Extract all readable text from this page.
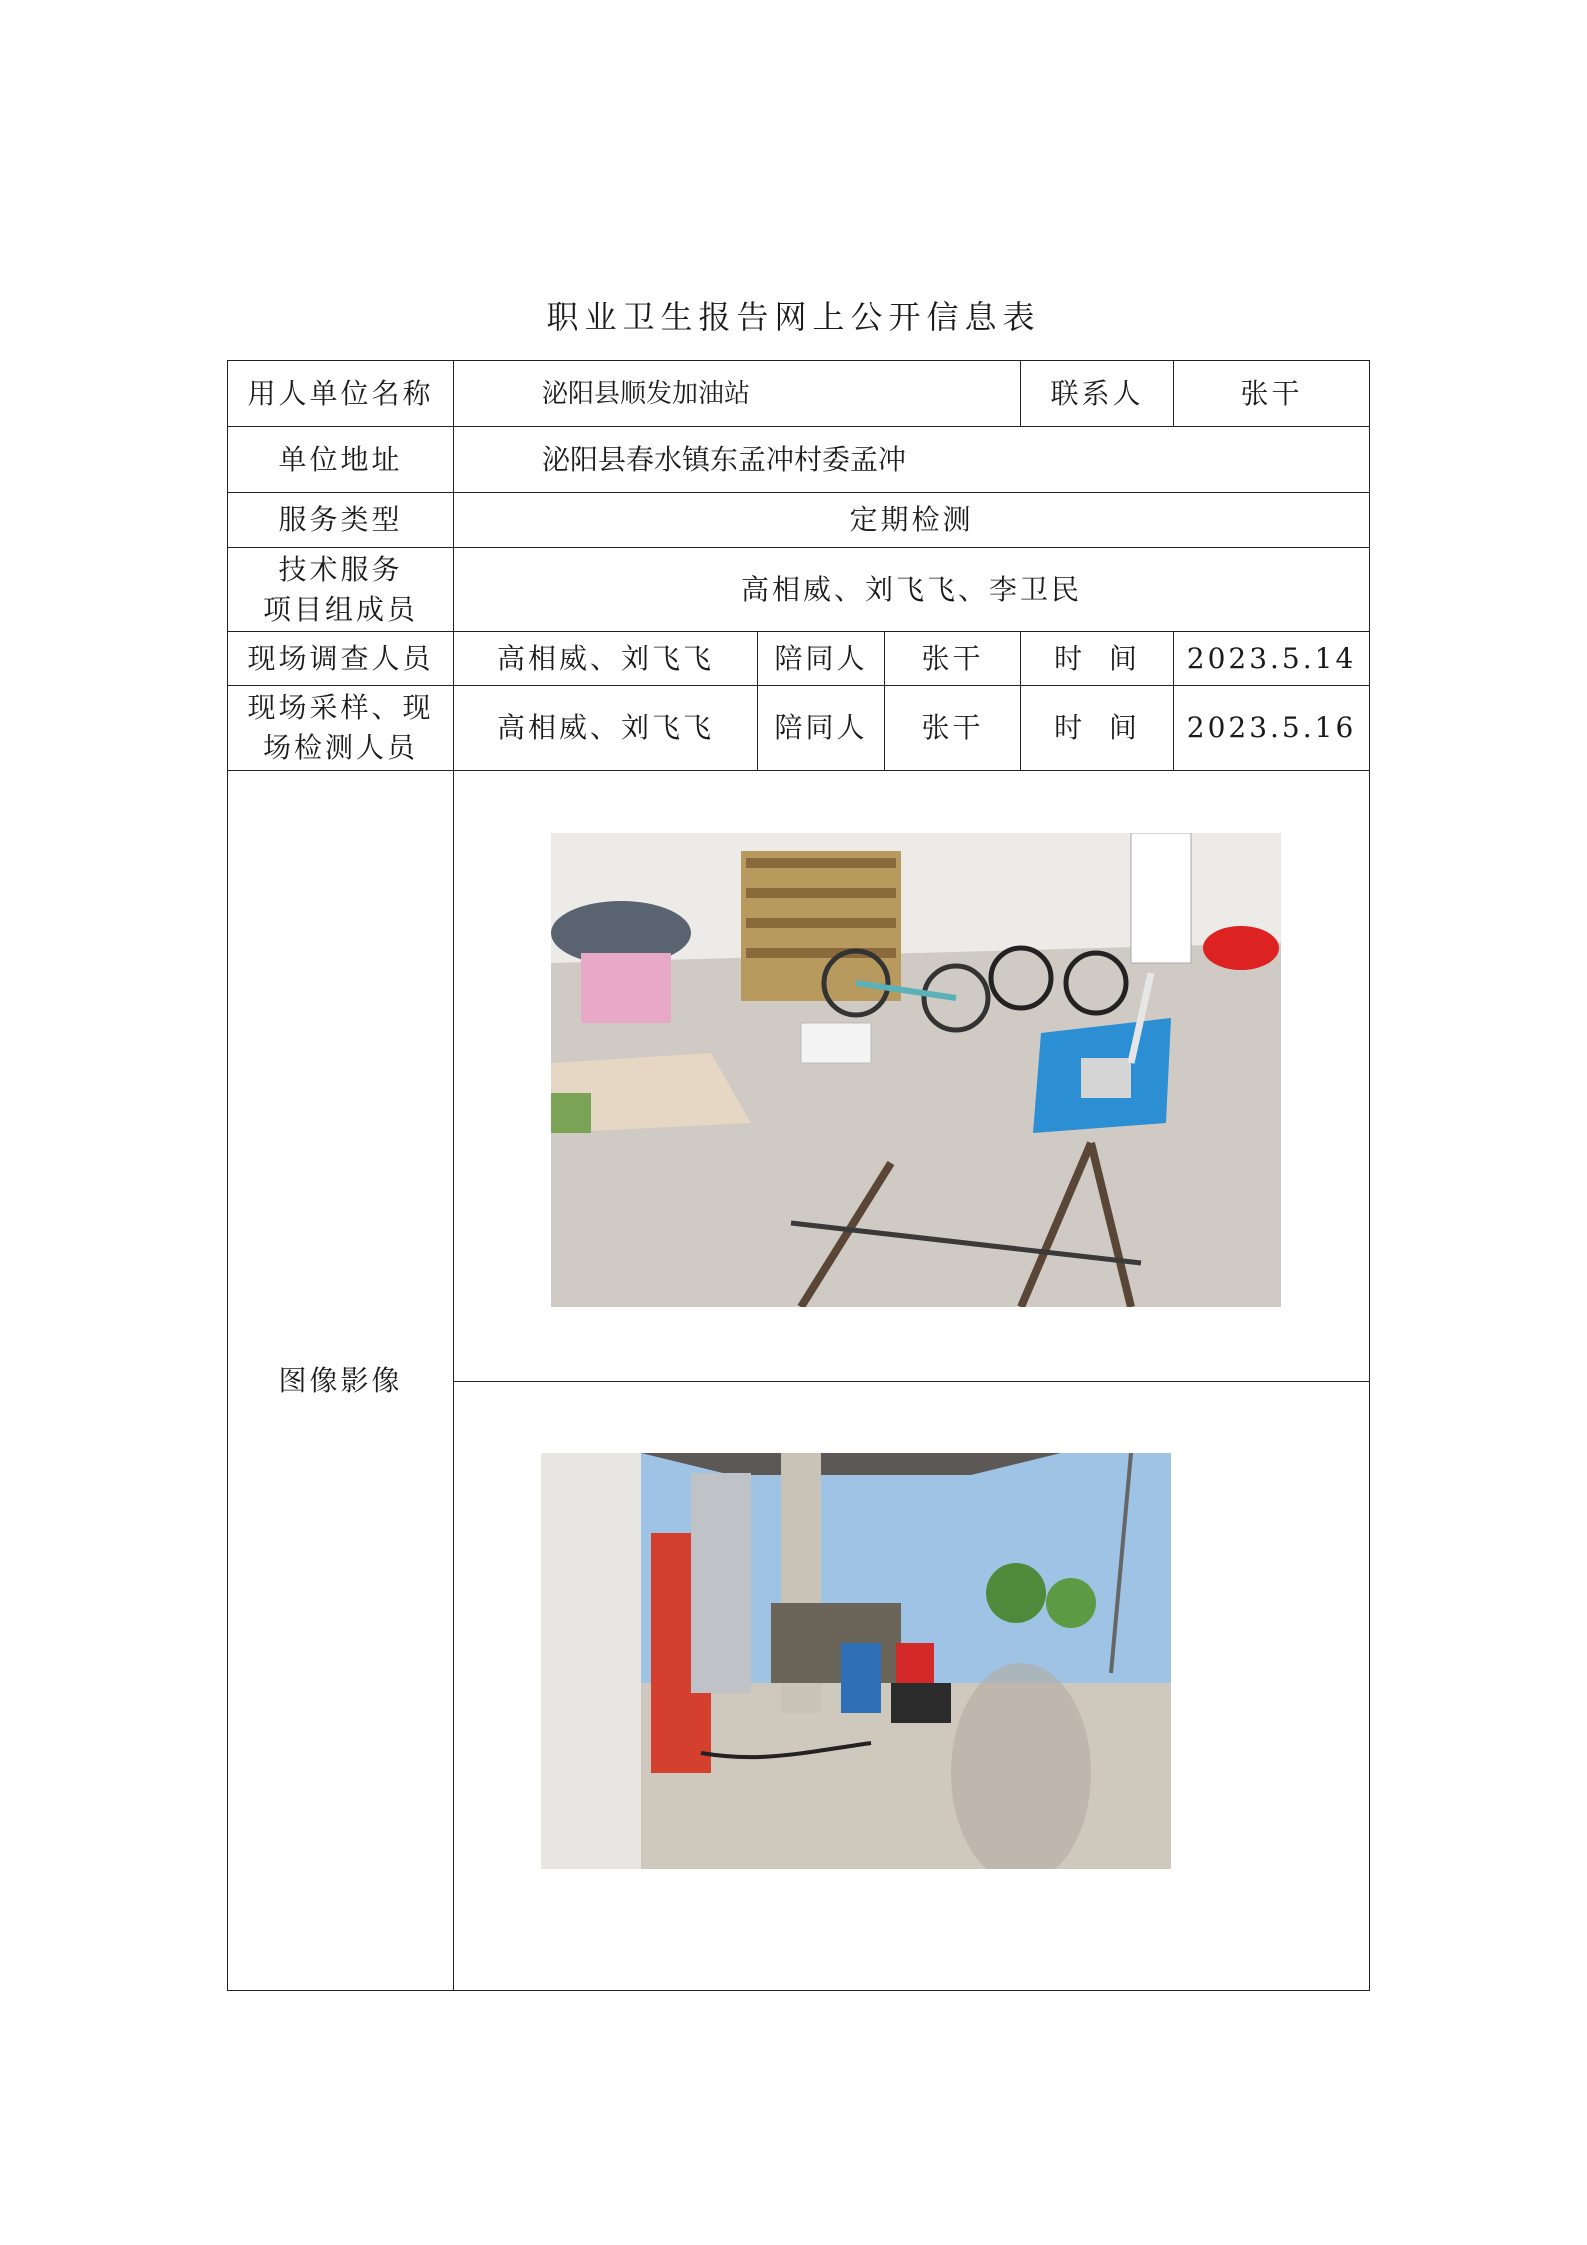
职业卫生报告网上公开信息表
用人单位名称	泌阳县顺发加油站			联系人	张干
单位地址	泌阳县春水镇东孟冲村委孟冲				
服务类型	定期检测				

技术服务
项目组成员	高相威、刘飞飞、李卫民				
现场调查人员	高相威、刘飞飞	陪同人	张干	时  间	2023.5.14

现场采样、现
场检测人员	高相威、刘飞飞	陪同人	张干	时  间	2023.5.16
图像影像	
